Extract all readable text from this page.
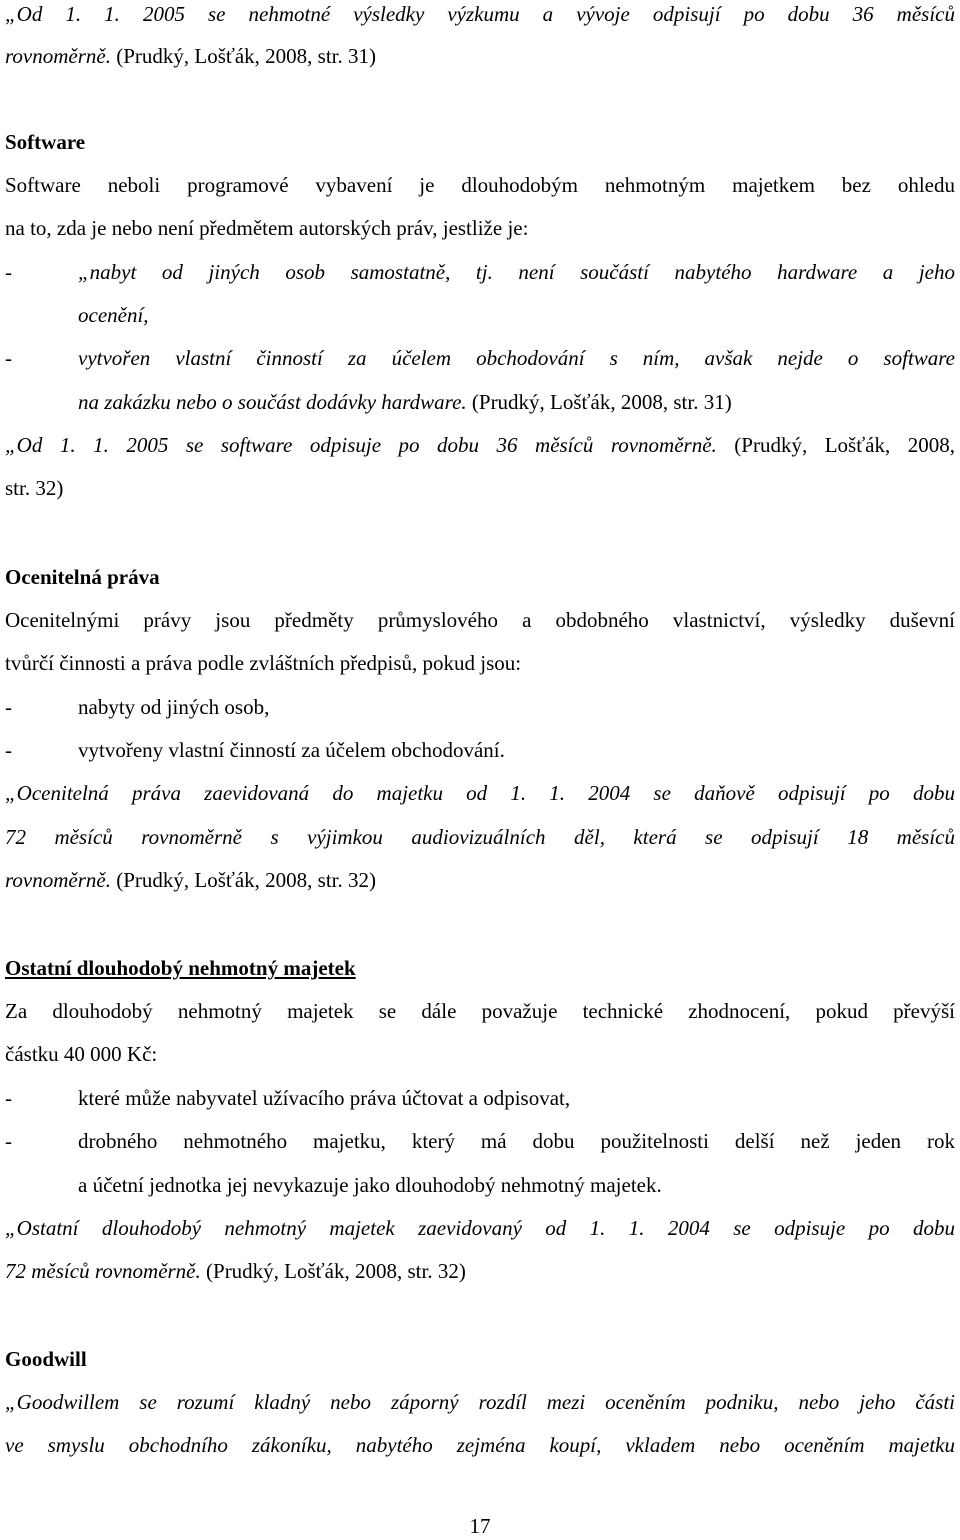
„Od 1. 1. 2005 se nehmotné výsledky výzkumu a vývoje odpisují po dobu 36 měsíců
rovnoměrně. (Prudký, Lošťák, 2008, str. 31)
Software
Software neboli programové vybavení je dlouhodobým nehmotným majetkem bez ohledu
na to, zda je nebo není předmětem autorských práv, jestliže je:
-	„nabyt od jiných osob samostatně, tj. není součástí nabytého hardware a jeho
ocenění,
-	vytvořen vlastní činností za účelem obchodování s ním, avšak nejde o software
na zakázku nebo o součást dodávky hardware. (Prudký, Lošťák, 2008, str. 31)
„Od 1. 1. 2005 se software odpisuje po dobu 36 měsíců rovnoměrně. (Prudký, Lošťák, 2008,
str. 32)
Ocenitelná práva
Ocenitelnými právy jsou předměty průmyslového a obdobného vlastnictví, výsledky duševní
tvůrčí činnosti a práva podle zvláštních předpisů, pokud jsou:
-	nabyty od jiných osob,
-	vytvořeny vlastní činností za účelem obchodování.
„Ocenitelná práva zaevidovaná do majetku od 1. 1. 2004 se daňově odpisují po dobu
72 měsíců rovnoměrně s výjimkou audiovizuálních děl, která se odpisují 18 měsíců
rovnoměrně. (Prudký, Lošťák, 2008, str. 32)
Ostatní dlouhodobý nehmotný majetek
Za dlouhodobý nehmotný majetek se dále považuje technické zhodnocení, pokud převýší
částku 40 000 Kč:
-	které může nabyvatel užívacího práva účtovat a odpisovat,
-	drobného nehmotného majetku, který má dobu použitelnosti delší než jeden rok
a účetní jednotka jej nevykazuje jako dlouhodobý nehmotný majetek.
„Ostatní dlouhodobý nehmotný majetek zaevidovaný od 1. 1. 2004 se odpisuje po dobu
72 měsíců rovnoměrně. (Prudký, Lošťák, 2008, str. 32)
Goodwill
„Goodwillem se rozumí kladný nebo záporný rozdíl mezi oceněním podniku, nebo jeho části
ve smyslu obchodního zákoníku, nabytého zejména koupí, vkladem nebo oceněním majetku
17
